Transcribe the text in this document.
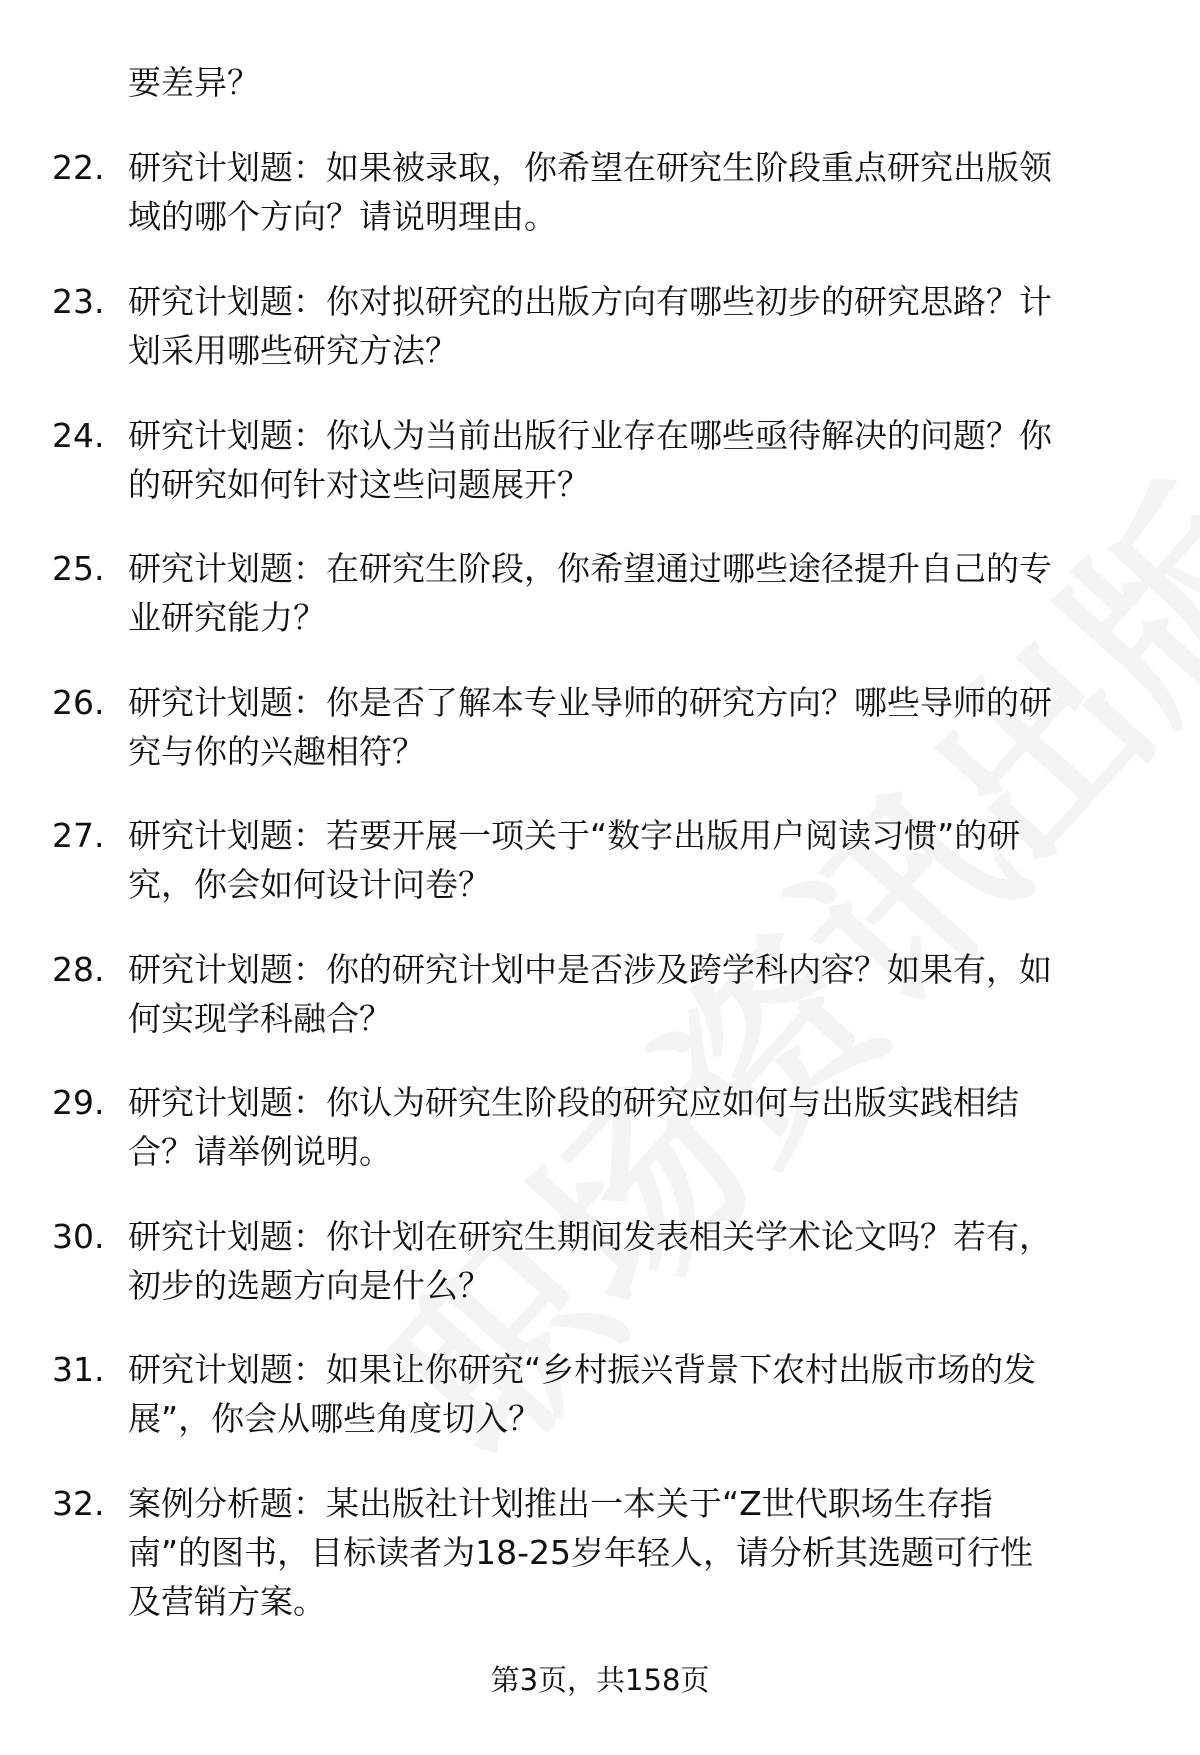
要差异？
22. 研究计划题：如果被录取，你希望在研究生阶段重点研究出版领
域的哪个方向？请说明理由。
23. 研究计划题：你对拟研究的出版方向有哪些初步的研究思路？计
划采用哪些研究方法？
24. 研究计划题：你认为当前出版行业存在哪些亟待解决的问题？你
的研究如何针对这些问题展开？
25. 研究计划题：在研究生阶段，你希望通过哪些途径提升自己的专
业研究能力？
26. 研究计划题：你是否了解本专业导师的研究方向？哪些导师的研
究与你的兴趣相符？
27. 研究计划题：若要开展一项关于“数字出版用户阅读习惯”的研
究，你会如何设计问卷？
28. 研究计划题：你的研究计划中是否涉及跨学科内容？如果有，如
何实现学科融合？
29. 研究计划题：你认为研究生阶段的研究应如何与出版实践相结
合？请举例说明。
30. 研究计划题：你计划在研究生期间发表相关学术论文吗？若有，
初步的选题方向是什么？
31. 研究计划题：如果让你研究“乡村振兴背景下农村出版市场的发
展”，你会从哪些角度切入？
32. 案例分析题：某出版社计划推出一本关于“Z世代职场生存指
南”的图书，目标读者为18-25岁年轻人，请分析其选题可行性
及营销方案。
第3页，共158页
